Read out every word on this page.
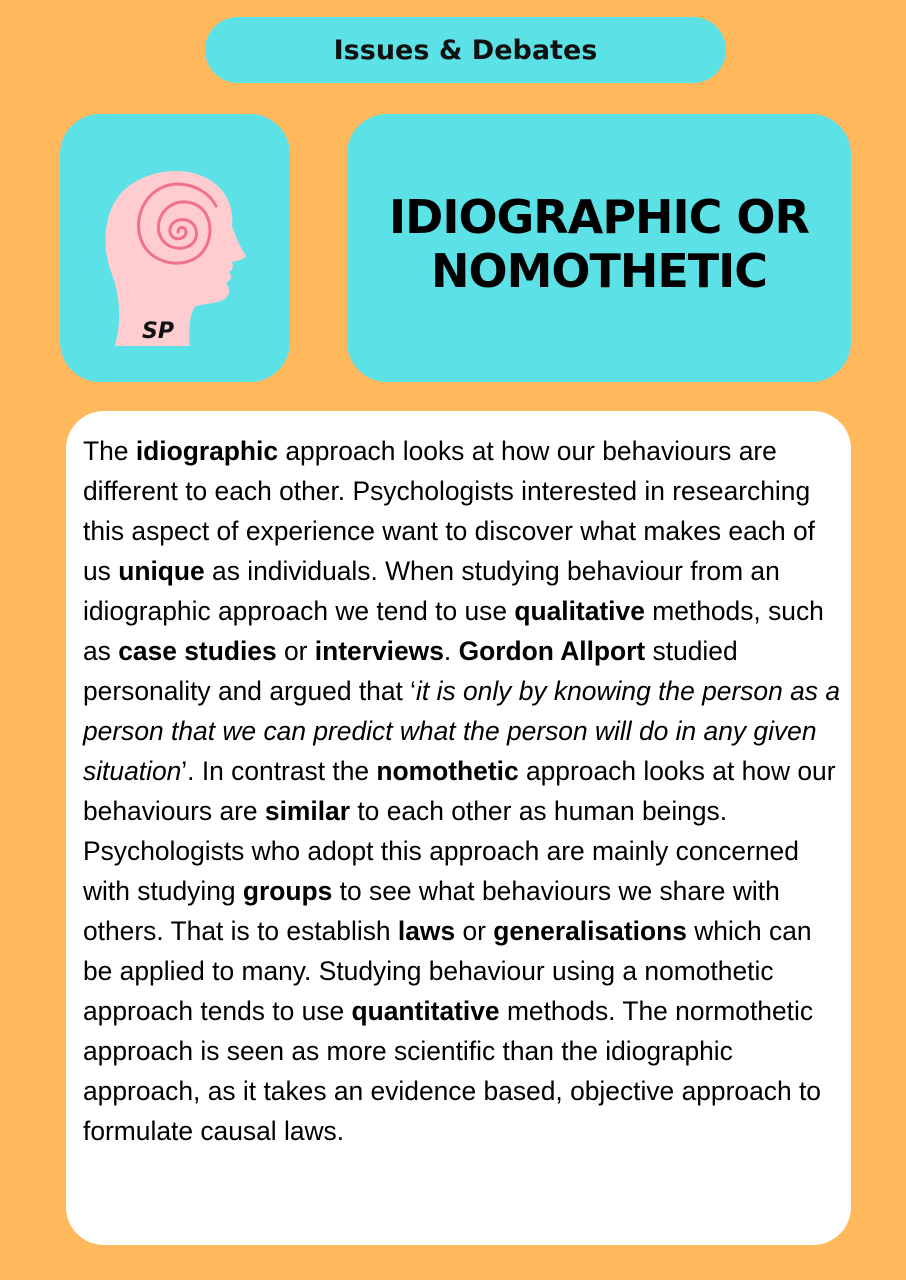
Issues & Debates
SP
IDIOGRAPHIC OR
NOMOTHETIC

The idiographic approach looks at how our behaviours are different to each other. Psychologists interested in researching this aspect of experience want to discover what makes each of us unique as individuals. When studying behaviour from an idiographic approach we tend to use qualitative methods, such as case studies or interviews. Gordon Allport studied personality and argued that ‘it is only by knowing the person as a person that we can predict what the person will do in any given situation’. In contrast the nomothetic approach looks at how our behaviours are similar to each other as human beings. Psychologists who adopt this approach are mainly concerned with studying groups to see what behaviours we share with others. That is to establish laws or generalisations which can be applied to many. Studying behaviour using a nomothetic approach tends to use quantitative methods. The normothetic approach is seen as more scientific than the idiographic approach, as it takes an evidence based, objective approach to formulate causal laws.
